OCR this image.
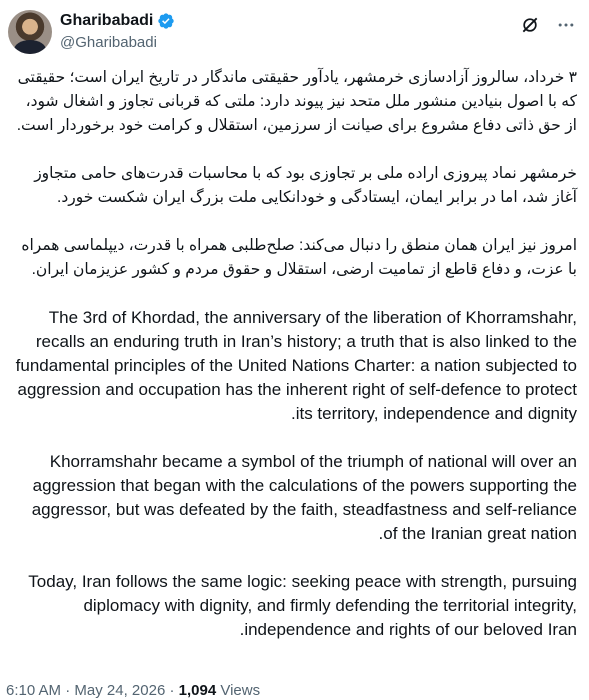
Gharibabadi
@Gharibabadi

۳ خرداد، سالروز آزادسازی خرمشهر، یادآور حقیقتی ماندگار در تاریخ ایران است؛ حقیقتی که با اصول بنیادین منشور ملل متحد نیز پیوند دارد: ملتی که قربانی تجاوز و اشغال شود، از حق ذاتی دفاع مشروع برای صیانت از سرزمین، استقلال و کرامت خود برخوردار است.

خرمشهر نماد پیروزی اراده ملی بر تجاوزی بود که با محاسبات قدرت‌های حامی متجاوز آغاز شد، اما در برابر ایمان، ایستادگی و خودانکایی ملت بزرگ ایران شکست خورد.

امروز نیز ایران همان منطق را دنبال می‌کند: صلح‌طلبی همراه با قدرت، دیپلماسی همراه با عزت، و دفاع قاطع از تمامیت ارضی، استقلال و حقوق مردم و کشور عزیزمان ایران.

The 3rd of Khordad, the anniversary of the liberation of Khorramshahr, recalls an enduring truth in Iran’s history; a truth that is also linked to the fundamental principles of the United Nations Charter: a nation subjected to aggression and occupation has the inherent right of self-defence to protect its territory, independence and dignity.

Khorramshahr became a symbol of the triumph of national will over an aggression that began with the calculations of the powers supporting the aggressor, but was defeated by the faith, steadfastness and self-reliance of the Iranian great nation.

Today, Iran follows the same logic: seeking peace with strength, pursuing diplomacy with dignity, and firmly defending the territorial integrity, independence and rights of our beloved Iran.

6:10 AM · May 24, 2026 · 1,094 Views
